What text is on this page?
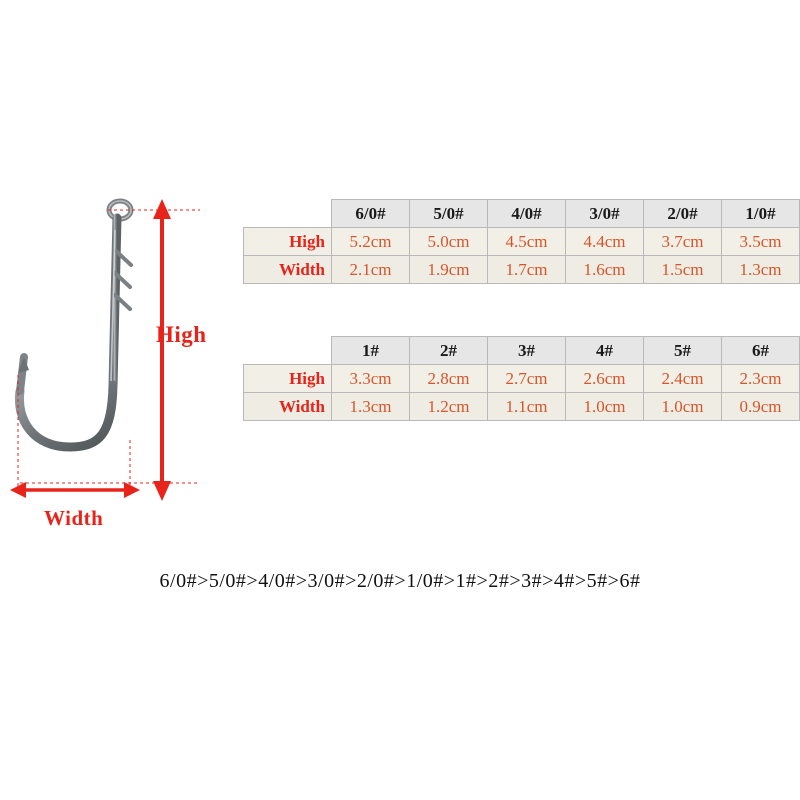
High
Width
	6/0#	5/0#	4/0#	3/0#	2/0#	1/0#
High	5.2cm	5.0cm	4.5cm	4.4cm	3.7cm	3.5cm
Width	2.1cm	1.9cm	1.7cm	1.6cm	1.5cm	1.3cm
	1#	2#	3#	4#	5#	6#
High	3.3cm	2.8cm	2.7cm	2.6cm	2.4cm	2.3cm
Width	1.3cm	1.2cm	1.1cm	1.0cm	1.0cm	0.9cm
6/0#>5/0#>4/0#>3/0#>2/0#>1/0#>1#>2#>3#>4#>5#>6#
